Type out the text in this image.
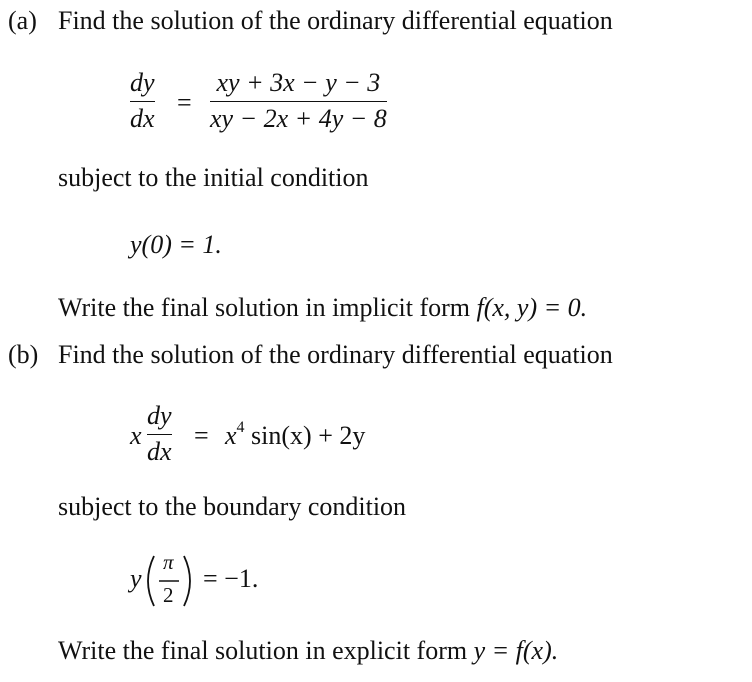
(a) Find the solution of the ordinary differential equation
dy
dx
=
xy + 3x − y − 3
xy − 2x + 4y − 8
subject to the initial condition
y(0) = 1.
Write the final solution in implicit form f(x, y) = 0.
(b) Find the solution of the ordinary differential equation
x
dy
dx
= $x^4$ sin(x) + 2y
subject to the boundary condition
y
π
2
= −1.
Write the final solution in explicit form y = f(x).
